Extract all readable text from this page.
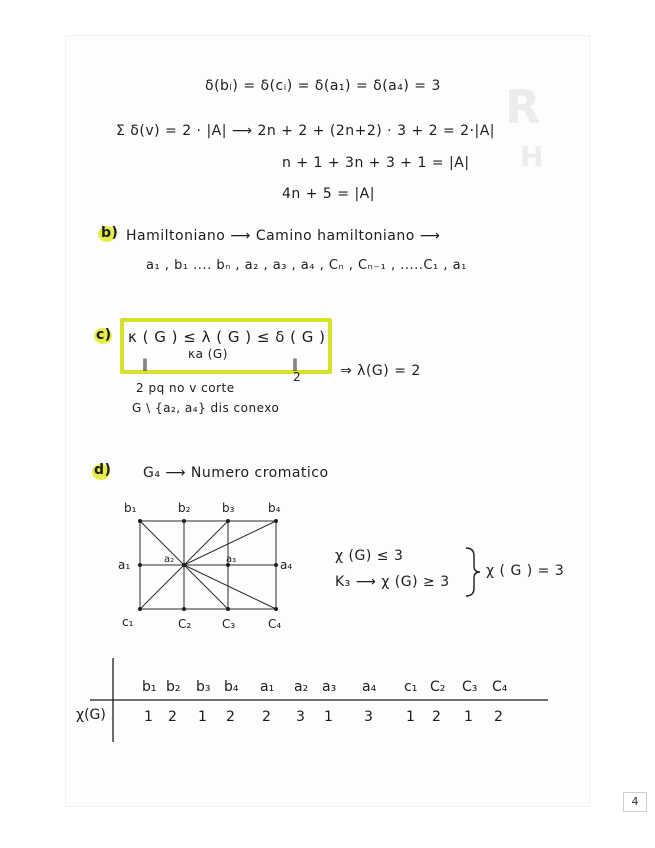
R
H
δ(bᵢ) = δ(cᵢ) = δ(a₁) = δ(a₄) = 3
Σ δ(v) = 2 · |A| ⟶ 2n + 2 + (2n+2) · 3 + 2 = 2·|A|
n + 1 + 3n + 3 + 1 = |A|
4n + 5 = |A|
b) Hamiltoniano ⟶ Camino hamiltoniano ⟶
a₁ , b₁ .... bₙ , a₂ , a₃ , a₄ , Cₙ , Cₙ₋₁ , .....C₁ , a₁
c) κ ( G ) ≤ λ ( G ) ≤ δ ( G )
κa (G)
‖	‖
2	⇒ λ(G) = 2
2 pq no v corte
G \ {a₂, a₄} dis conexo
d) G₄ ⟶ Numero cromatico
b₁	b₂	b₃	b₄
a₁	a₂	a₃	a₄
c₁	C₂	C₃	C₄
χ (G) ≤ 3
K₃ ⟶ χ (G) ≥ 3
χ ( G ) = 3
χ(G)
b₁ b₂ b₃ b₄ a₁ a₂ a₃ a₄ c₁ C₂ C₃ C₄
1 2 1 2 2 3 1 3 1 2 1 2
4
